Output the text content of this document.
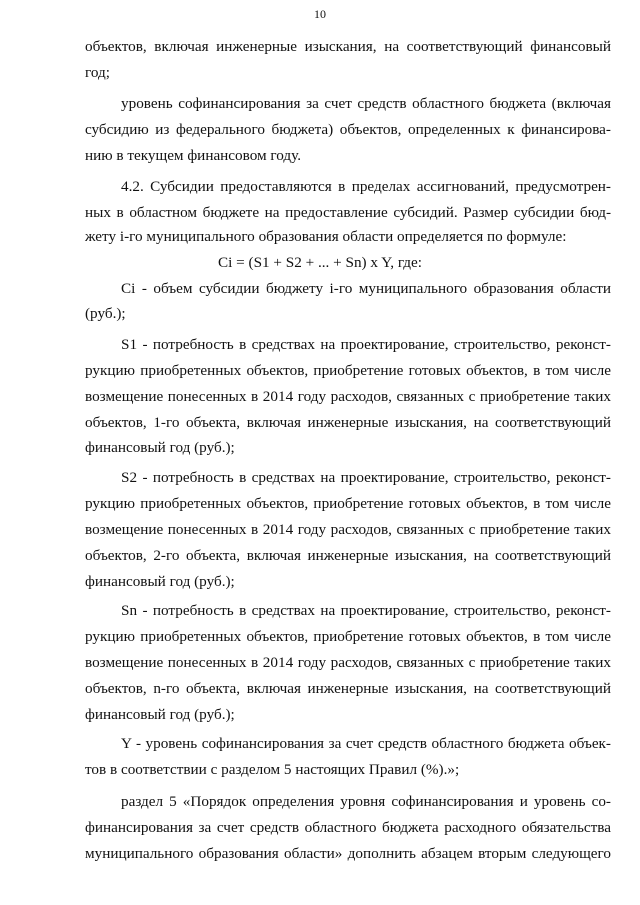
10
объектов, включая инженерные изыскания, на соответствующий финансовый
год;
уровень софинансирования за счет средств областного бюджета (включая
субсидию из федерального бюджета) объектов, определенных к финансирова-
нию в текущем финансовом году.
4.2. Субсидии предоставляются в пределах ассигнований, предусмотрен-
ных в областном бюджете на предоставление субсидий. Размер субсидии бюд-
жету i-го муниципального образования области определяется по формуле:
Ci = (S1 + S2 + ... + Sn) x Y, где:
Ci - объем субсидии бюджету i-го муниципального образования области
(руб.);
S1 - потребность в средствах на проектирование, строительство, реконст-
рукцию приобретенных объектов, приобретение готовых объектов, в том числе
возмещение понесенных в 2014 году расходов, связанных с приобретение таких
объектов, 1-го объекта, включая инженерные изыскания, на соответствующий
финансовый год (руб.);
S2 - потребность в средствах на проектирование, строительство, реконст-
рукцию приобретенных объектов, приобретение готовых объектов, в том числе
возмещение понесенных в 2014 году расходов, связанных с приобретение таких
объектов, 2-го объекта, включая инженерные изыскания, на соответствующий
финансовый год (руб.);
Sn - потребность в средствах на проектирование, строительство, реконст-
рукцию приобретенных объектов, приобретение готовых объектов, в том числе
возмещение понесенных в 2014 году расходов, связанных с приобретение таких
объектов, n-го объекта, включая инженерные изыскания, на соответствующий
финансовый год (руб.);
Y - уровень софинансирования за счет средств областного бюджета объек-
тов в соответствии с разделом 5 настоящих Правил (%).»;
раздел 5 «Порядок определения уровня софинансирования и уровень со-
финансирования за счет средств областного бюджета расходного обязательства
муниципального образования области» дополнить абзацем вторым следующего
